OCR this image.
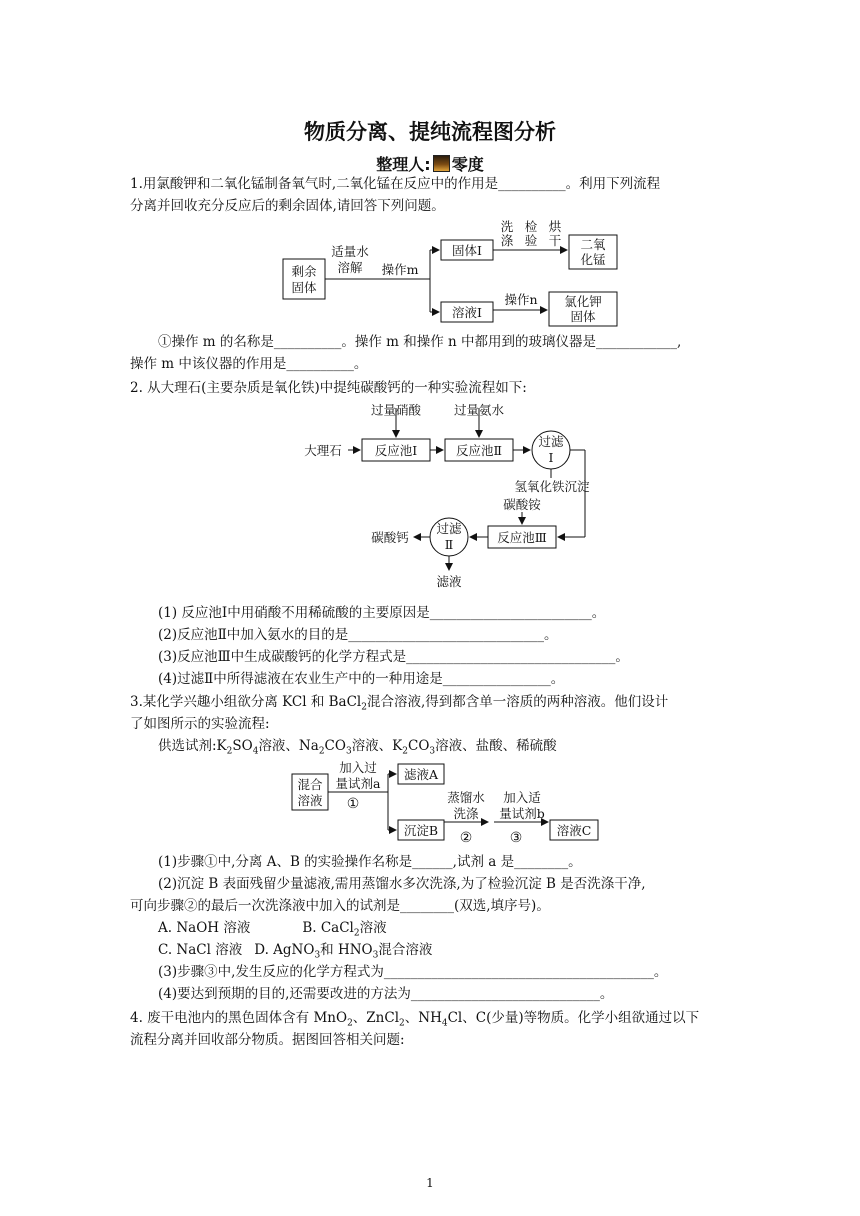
物质分离、提纯流程图分析
整理人: 零度
1.用氯酸钾和二氧化锰制备氧气时,二氧化锰在反应中的作用是__________。利用下列流程
分离并回收充分反应后的剩余固体,请回答下列问题。
剩余
固体
适量水
溶解 操作m
固体Ⅰ
洗
涤
检
验
烘
干 二氧
化锰
溶液Ⅰ
操作n 氯化钾
固体
①操作 m 的名称是__________。操作 m 和操作 n 中都用到的玻璃仪器是____________,
操作 m 中该仪器的作用是__________。
2. 从大理石(主要杂质是氧化铁)中提纯碳酸钙的一种实验流程如下:
过量硝酸	过量氨水
大理石	反应池Ⅰ	反应池Ⅱ
过滤
Ⅰ
氢氧化铁沉淀
碳酸铵
反应池Ⅲ
过滤
Ⅱ
碳酸钙
滤液
(1) 反应池Ⅰ中用硝酸不用稀硫酸的主要原因是________________________。
(2)反应池Ⅱ中加入氨水的目的是_____________________________。
(3)反应池Ⅲ中生成碳酸钙的化学方程式是_______________________________。
(4)过滤Ⅱ中所得滤液在农业生产中的一种用途是________________。
3.某化学兴趣小组欲分离 KCl 和 BaCl$_2$混合溶液,得到都含单一溶质的两种溶液。他们设计
了如图所示的实验流程:
供选试剂$:K_2SO_4$溶液、$Na_2CO_3$溶液、$K_2CO_3$溶液、盐酸、稀硫酸
混合
溶液
加入过
量试剂a
①
滤液A
沉淀B
蒸馏水
洗涤
②
加入适
量试剂b
③	溶液C
(1)步骤①中,分离 A、B 的实验操作名称是______,试剂 a 是________。
(2)沉淀 B 表面残留少量滤液,需用蒸馏水多次洗涤,为了检验沉淀 B 是否洗涤干净,
可向步骤②的最后一次洗涤液中加入的试剂是________(双选,填序号)。
A. NaOH 溶液	B. CaCl$_2$溶液
C. NaCl 溶液 D. AgNO$_3$和 $HNO_3$混合溶液
(3)步骤③中,发生反应的化学方程式为________________________________________。
(4)要达到预期的目的,还需要改进的方法为____________________________。
4. 废干电池内的黑色固体含有 MnO$_2$、ZnCl$_2$、$NH_4Cl$、C(少量)等物质。化学小组欲通过以下
流程分离并回收部分物质。据图回答相关问题:
1
